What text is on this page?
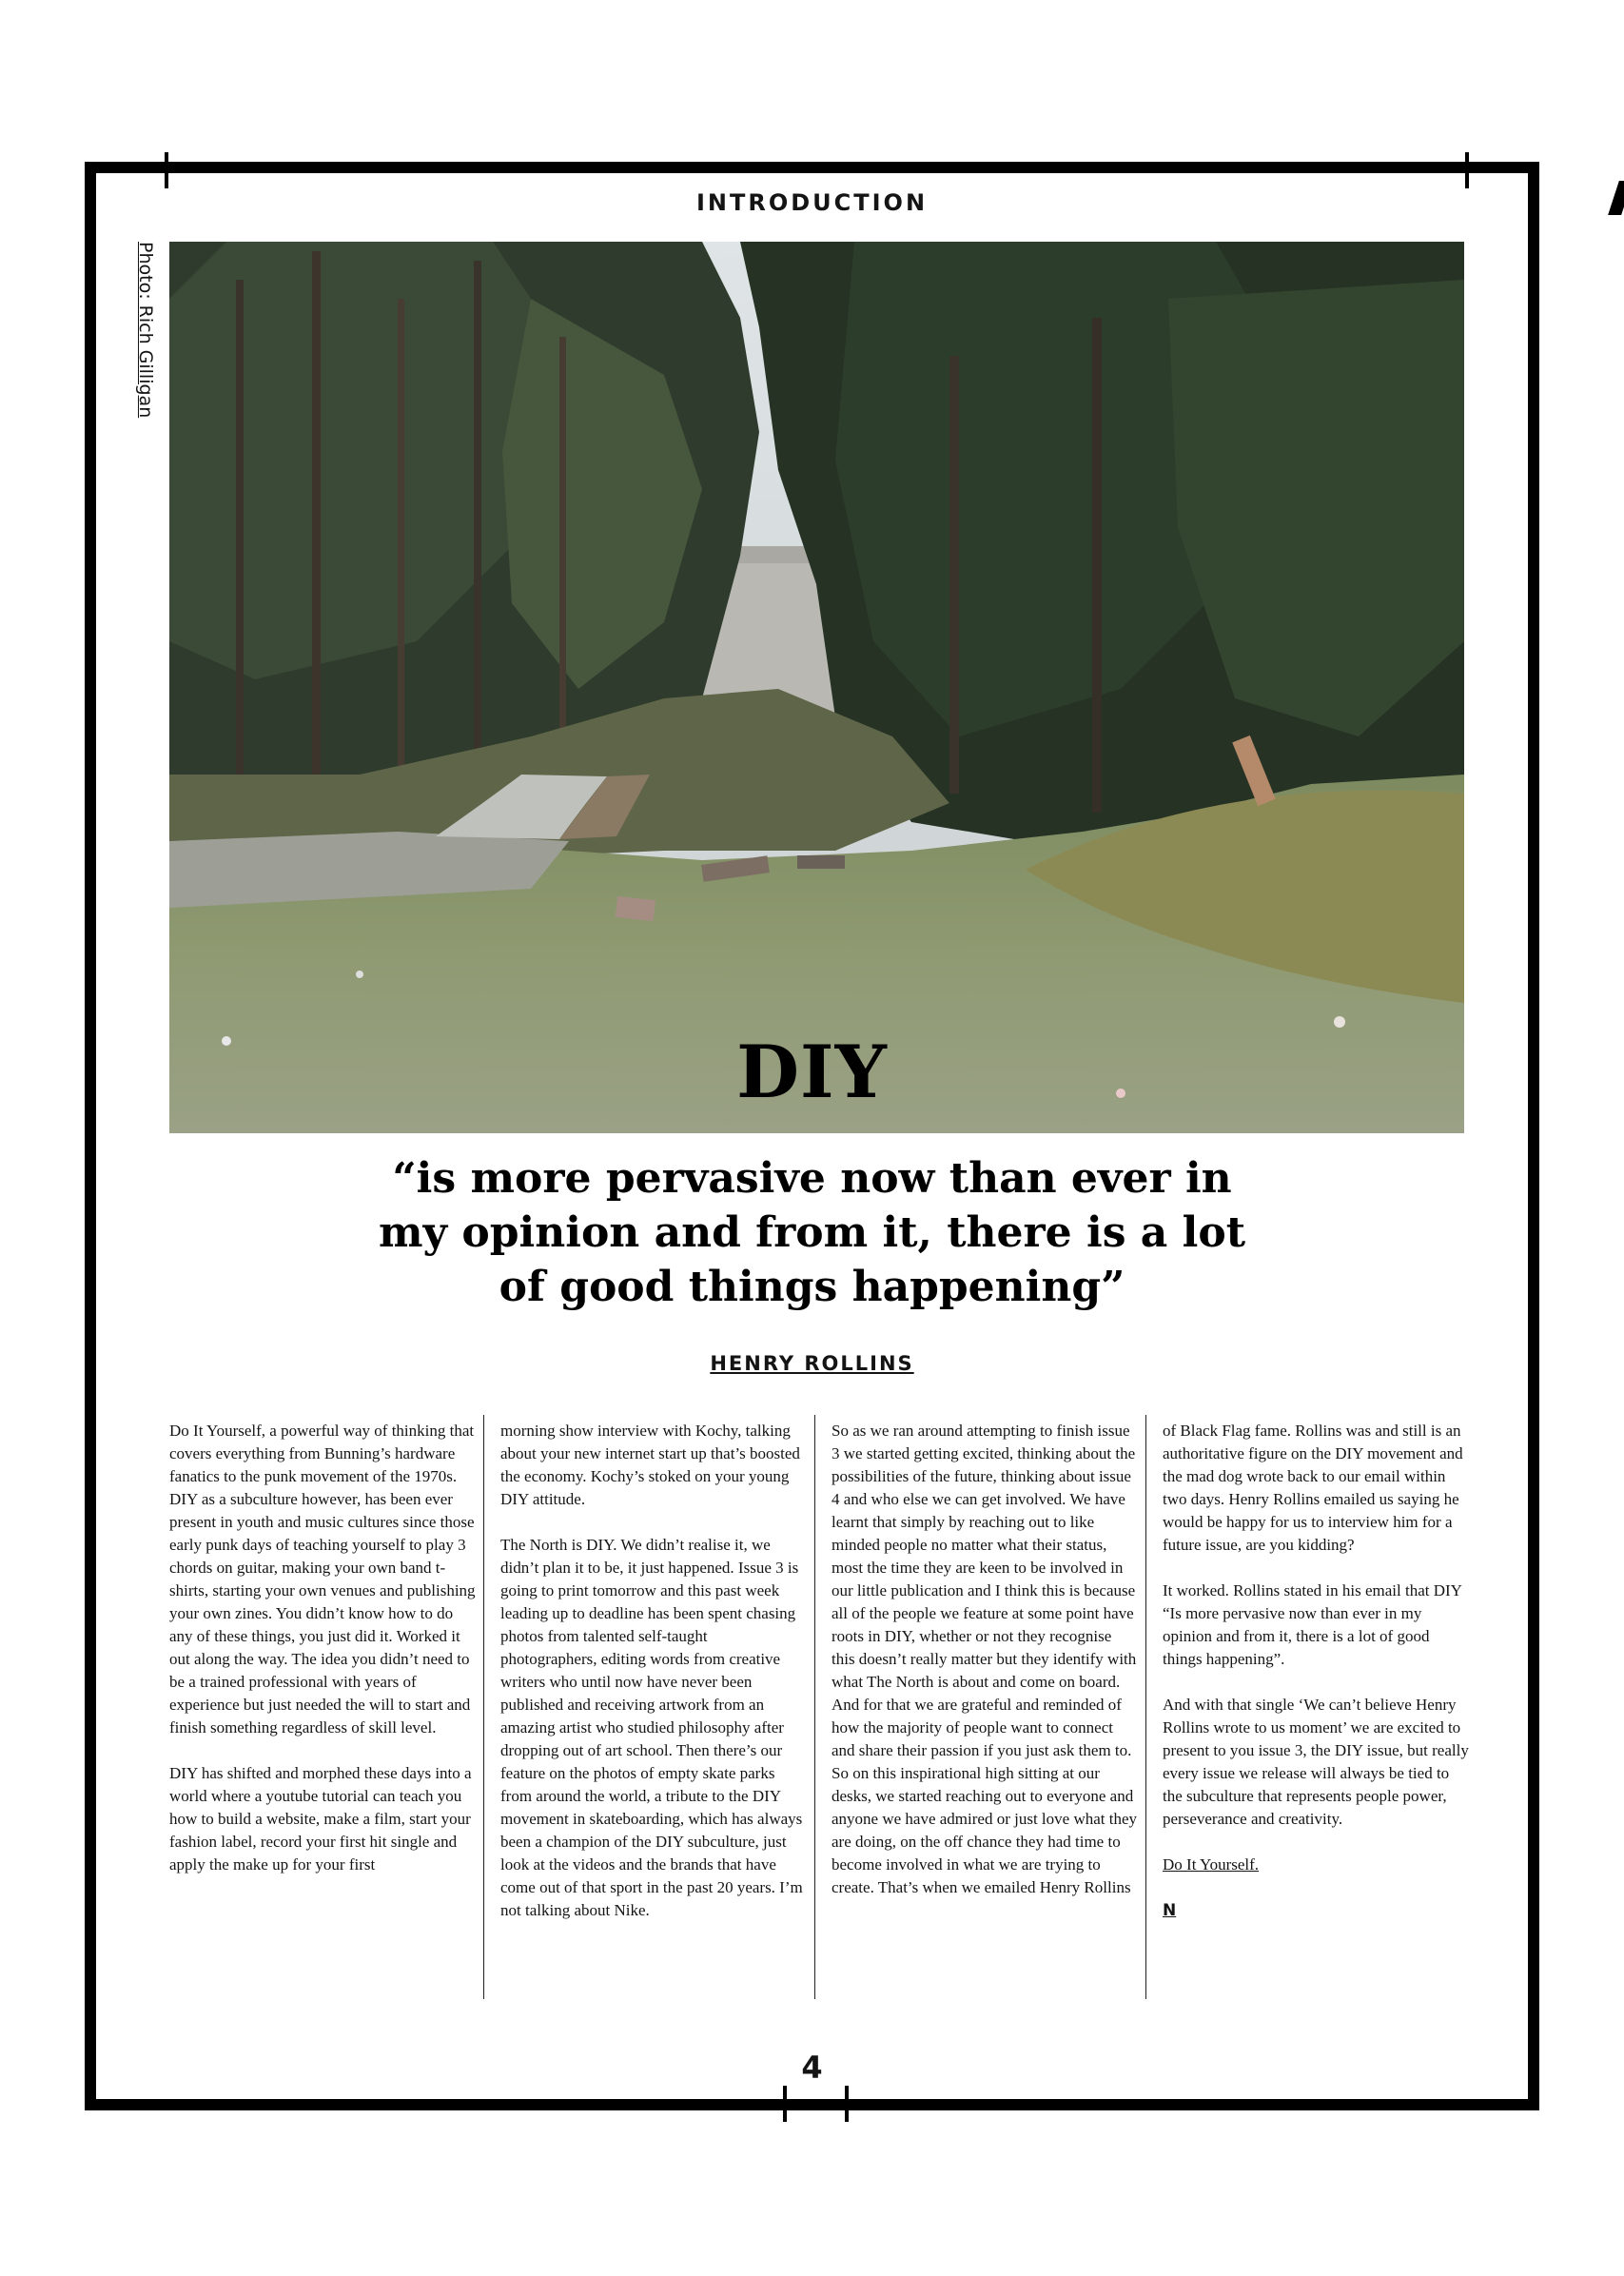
INTRODUCTION
Photo: Rich Gilligan
DIY
“is more pervasive now than ever in my opinion and from it, there is a lot of good things happening”
HENRY ROLLINS

Do It Yourself, a powerful way of thinking that covers everything from Bunning’s hardware fanatics to the punk movement of the 1970s. DIY as a subculture however, has been ever present in youth and music cultures since those early punk days of teaching yourself to play 3 chords on guitar, making your own band t-shirts, starting your own venues and publishing your own zines. You didn’t know how to do any of these things, you just did it. Worked it out along the way. The idea you didn’t need to be a trained professional with years of experience but just needed the will to start and finish something regardless of skill level.

DIY has shifted and morphed these days into a world where a youtube tutorial can teach you how to build a website, make a film, start your fashion label, record your first hit single and apply the make up for your first

morning show interview with Kochy, talking about your new internet start up that’s boosted the economy. Kochy’s stoked on your young DIY attitude.

The North is DIY. We didn’t realise it, we didn’t plan it to be, it just happened. Issue 3 is going to print tomorrow and this past week leading up to deadline has been spent chasing photos from talented self-taught photographers, editing words from creative writers who until now have never been published and receiving artwork from an amazing artist who studied philosophy after dropping out of art school. Then there’s our feature on the photos of empty skate parks from around the world, a tribute to the DIY movement in skateboarding, which has always been a champion of the DIY subculture, just look at the videos and the brands that have come out of that sport in the past 20 years. I’m not talking about Nike.

So as we ran around attempting to finish issue 3 we started getting excited, thinking about the possibilities of the future, thinking about issue 4 and who else we can get involved. We have learnt that simply by reaching out to like minded people no matter what their status, most the time they are keen to be involved in our little publication and I think this is because all of the people we feature at some point have roots in DIY, whether or not they recognise this doesn’t really matter but they identify with what The North is about and come on board. And for that we are grateful and reminded of how the majority of people want to connect and share their passion if you just ask them to. So on this inspirational high sitting at our desks, we started reaching out to everyone and anyone we have admired or just love what they are doing, on the off chance they had time to become involved in what we are trying to create. That’s when we emailed Henry Rollins

of Black Flag fame. Rollins was and still is an authoritative figure on the DIY movement and the mad dog wrote back to our email within two days. Henry Rollins emailed us saying he would be happy for us to interview him for a future issue, are you kidding?

It worked. Rollins stated in his email that DIY “Is more pervasive now than ever in my opinion and from it, there is a lot of good things happening”.

And with that single ‘We can’t believe Henry Rollins wrote to us moment’ we are excited to present to you issue 3, the DIY issue, but really every issue we release will always be tied to the subculture that represents people power, perseverance and creativity.

Do It Yourself.

N

4
